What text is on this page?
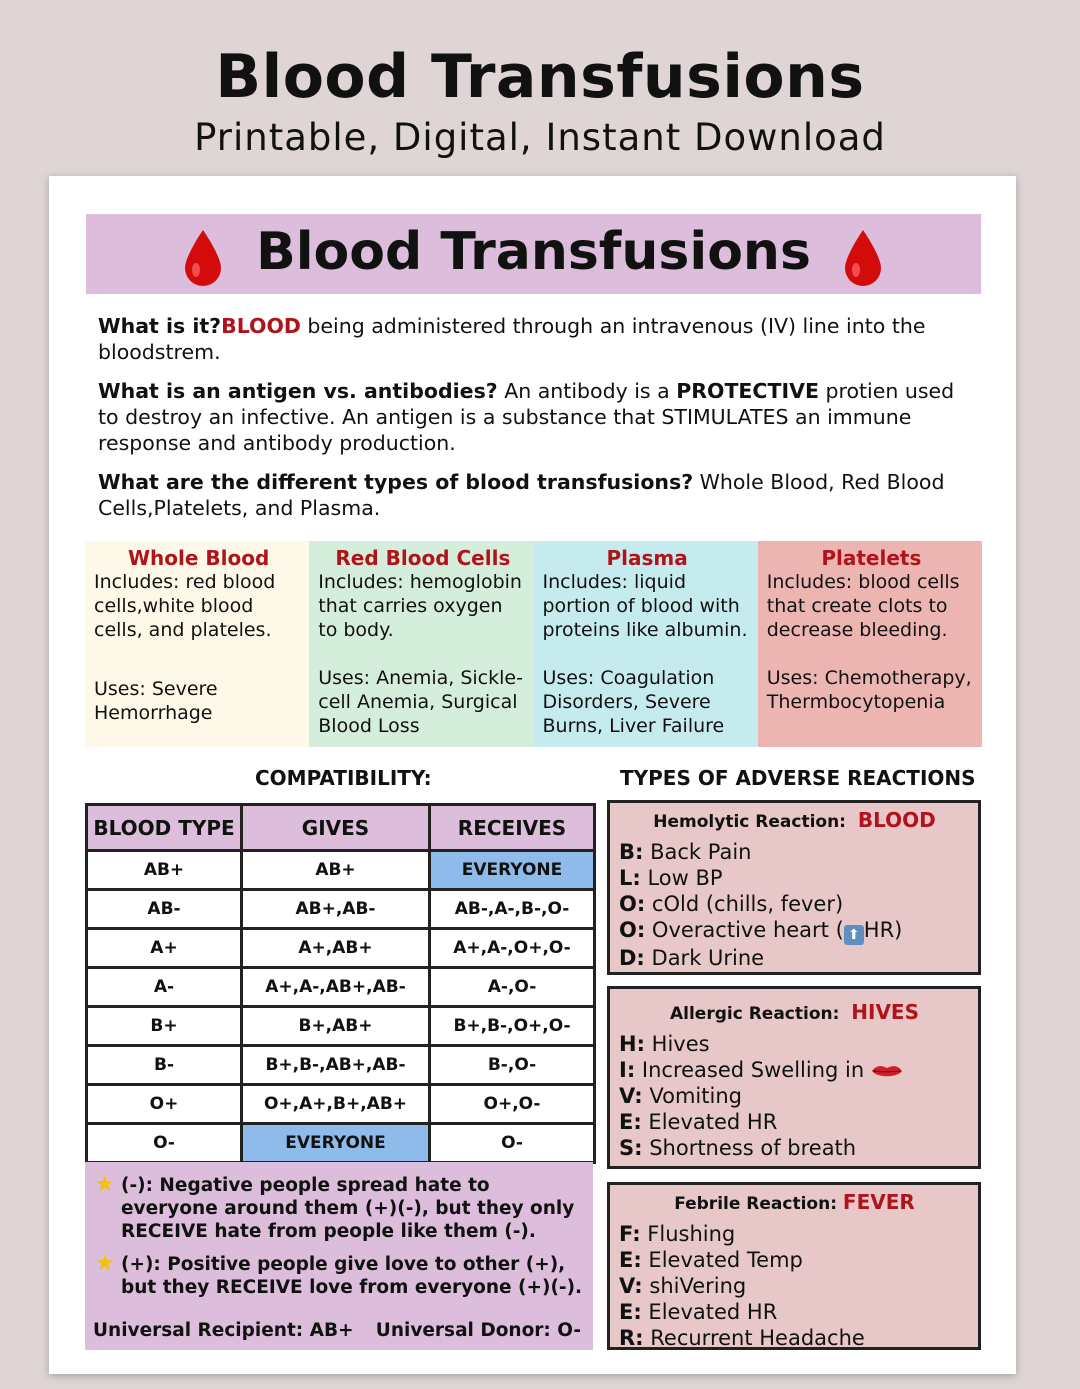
Blood Transfusions
Printable, Digital, Instant Download
Blood Transfusions
What is it?BLOOD being administered through an intravenous (IV) line into the bloodstrem.
What is an antigen vs. antibodies? An antibody is a PROTECTIVE protien used to destroy an infective. An antigen is a substance that STIMULATES an immune response and antibody production.
What are the different types of blood transfusions? Whole Blood, Red Blood Cells,Platelets, and Plasma.
Whole Blood
Includes: red blood cells,white blood cells, and plateles.
Uses: Severe Hemorrhage
Red Blood Cells
Includes: hemoglobin that carries oxygen to body.
Uses: Anemia, Sickle-cell Anemia, Surgical Blood Loss
Plasma
Includes: liquid portion of blood with proteins like albumin.
Uses: Coagulation Disorders, Severe Burns, Liver Failure
Platelets
Includes: blood cells that create clots to decrease bleeding.
Uses: Chemotherapy, Thermbocytopenia
COMPATIBILITY:	TYPES OF ADVERSE REACTIONS
BLOOD TYPE	GIVES	RECEIVES
AB+	AB+	EVERYONE
AB-	AB+,AB-	AB-,A-,B-,O-
A+	A+,AB+	A+,A-,O+,O-
A-	A+,A-,AB+,AB-	A-,O-
B+	B+,AB+	B+,B-,O+,O-
B-	B+,B-,AB+,AB-	B-,O-
O+	O+,A+,B+,AB+	O+,O-
O-	EVERYONE	O-
★ (-): Negative people spread hate to everyone around them (+)(-), but they only RECEIVE hate from people like them (-).
★ (+): Positive people give love to other (+), but they RECEIVE love from everyone (+)(-).
Universal Recipient: AB+ Universal Donor: O-
Hemolytic Reaction: BLOOD
B: Back Pain
L: Low BP
O: cOld (chills, fever)
O: Overactive heart ( ⬆ HR)
D: Dark Urine
Allergic Reaction: HIVES
H: Hives
I: Increased Swelling in
V: Vomiting
E: Elevated HR
S: Shortness of breath
Febrile Reaction: FEVER
F: Flushing
E: Elevated Temp
V: shiVering
E: Elevated HR
R: Recurrent Headache
